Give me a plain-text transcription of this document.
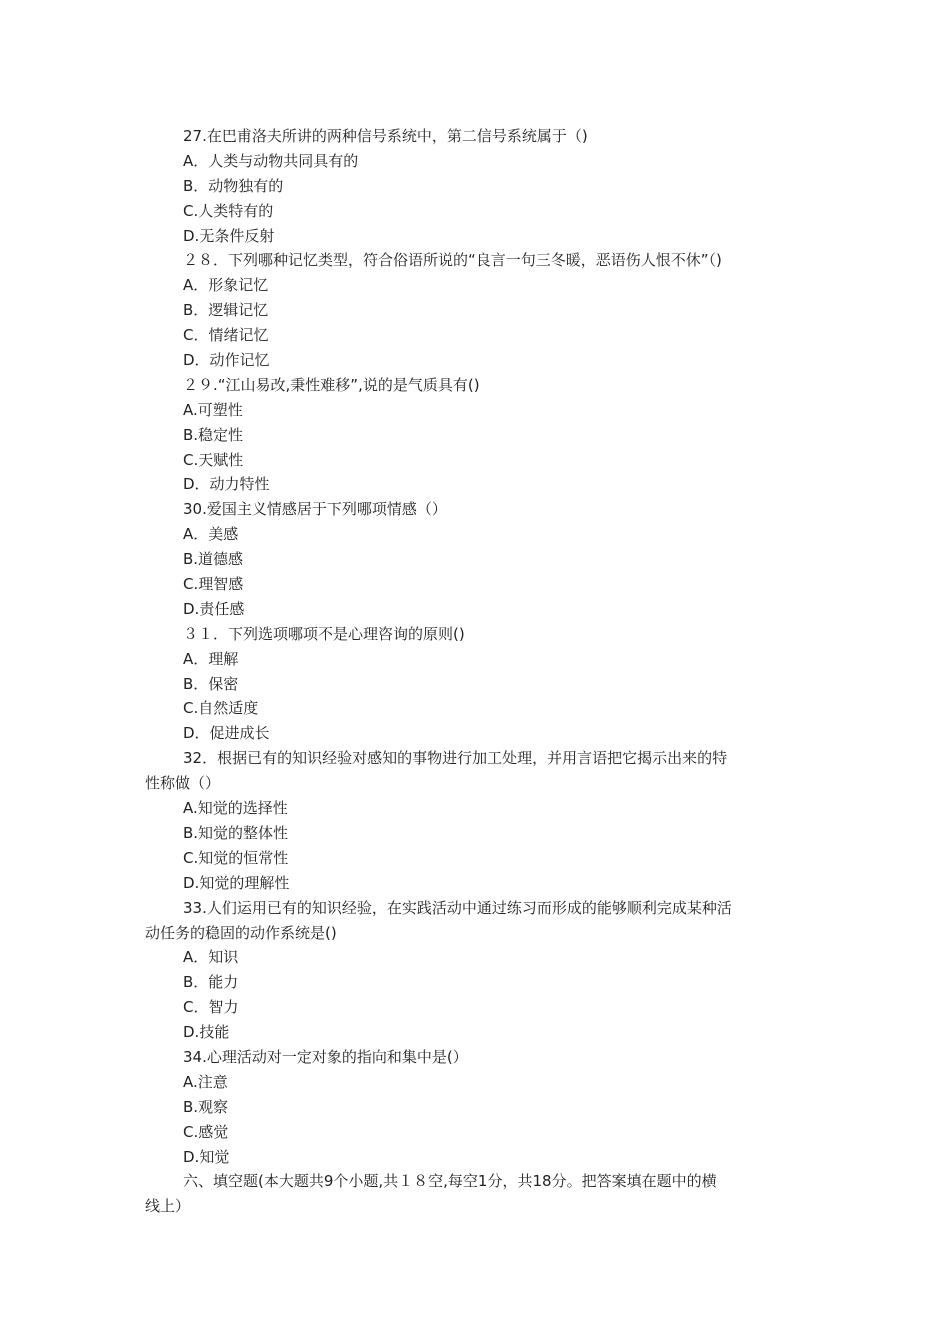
27.在巴甫洛夫所讲的两种信号系统中，第二信号系统属于（)
A．人类与动物共同具有的
B．动物独有的
C.人类特有的
D.无条件反射
２８．下列哪种记忆类型，符合俗语所说的“良言一句三冬暖，恶语伤人恨不休”（)
A．形象记忆
B．逻辑记忆
C．情绪记忆
D．动作记忆
２９.“江山易改,秉性难移”,说的是气质具有()
A.可塑性
B.稳定性
C.天赋性
D．动力特性
30.爱国主义情感居于下列哪项情感（）
A．美感
B.道德感
C.理智感
D.责任感
３１．下列选项哪项不是心理咨询的原则()
A．理解
B．保密
C.自然适度
D．促进成长
32．根据已有的知识经验对感知的事物进行加工处理，并用言语把它揭示出来的特
性称做（）
A.知觉的选择性
B.知觉的整体性
C.知觉的恒常性
D.知觉的理解性
33.人们运用已有的知识经验，在实践活动中通过练习而形成的能够顺利完成某种活
动任务的稳固的动作系统是()
A．知识
B．能力
C．智力
D.技能
34.心理活动对一定对象的指向和集中是(）
A.注意
B.观察
C.感觉
D.知觉
六、填空题(本大题共9个小题,共１８空,每空1分，共18分。把答案填在题中的横
线上）
